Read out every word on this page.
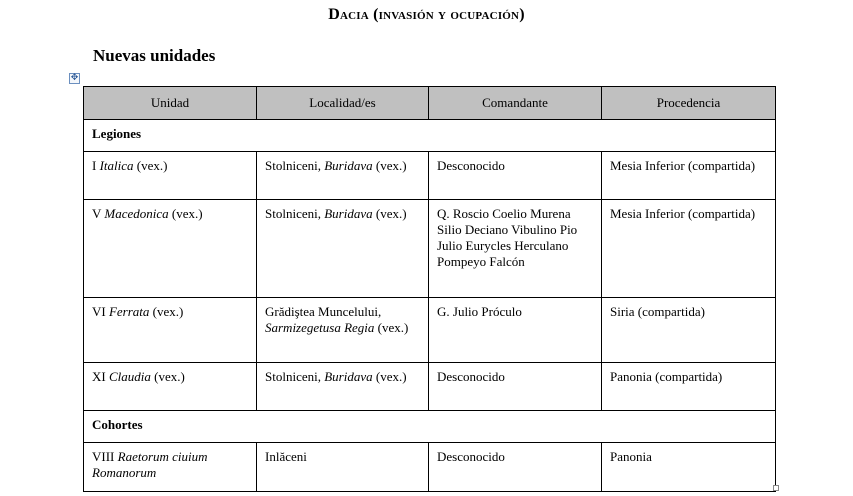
Dacia (invasión y ocupación)
Nuevas unidades
✥
Unidad	Localidad/es	Comandante	Procedencia
Legiones			
I Italica (vex.)	Stolniceni, Buridava (vex.)	Desconocido	Mesia Inferior (compartida)
V Macedonica (vex.)	Stolniceni, Buridava (vex.)	Q. Roscio Coelio Murena Silio Deciano Vibulino Pio Julio Eurycles Herculano Pompeyo Falcón	Mesia Inferior (compartida)
VI Ferrata (vex.)	Grădiştea Muncelului, Sarmizegetusa Regia (vex.)	G. Julio Próculo	Siria (compartida)
XI Claudia (vex.)	Stolniceni, Buridava (vex.)	Desconocido	Panonia (compartida)
Cohortes			
VIII Raetorum ciuium Romanorum	Inlăceni	Desconocido	Panonia
